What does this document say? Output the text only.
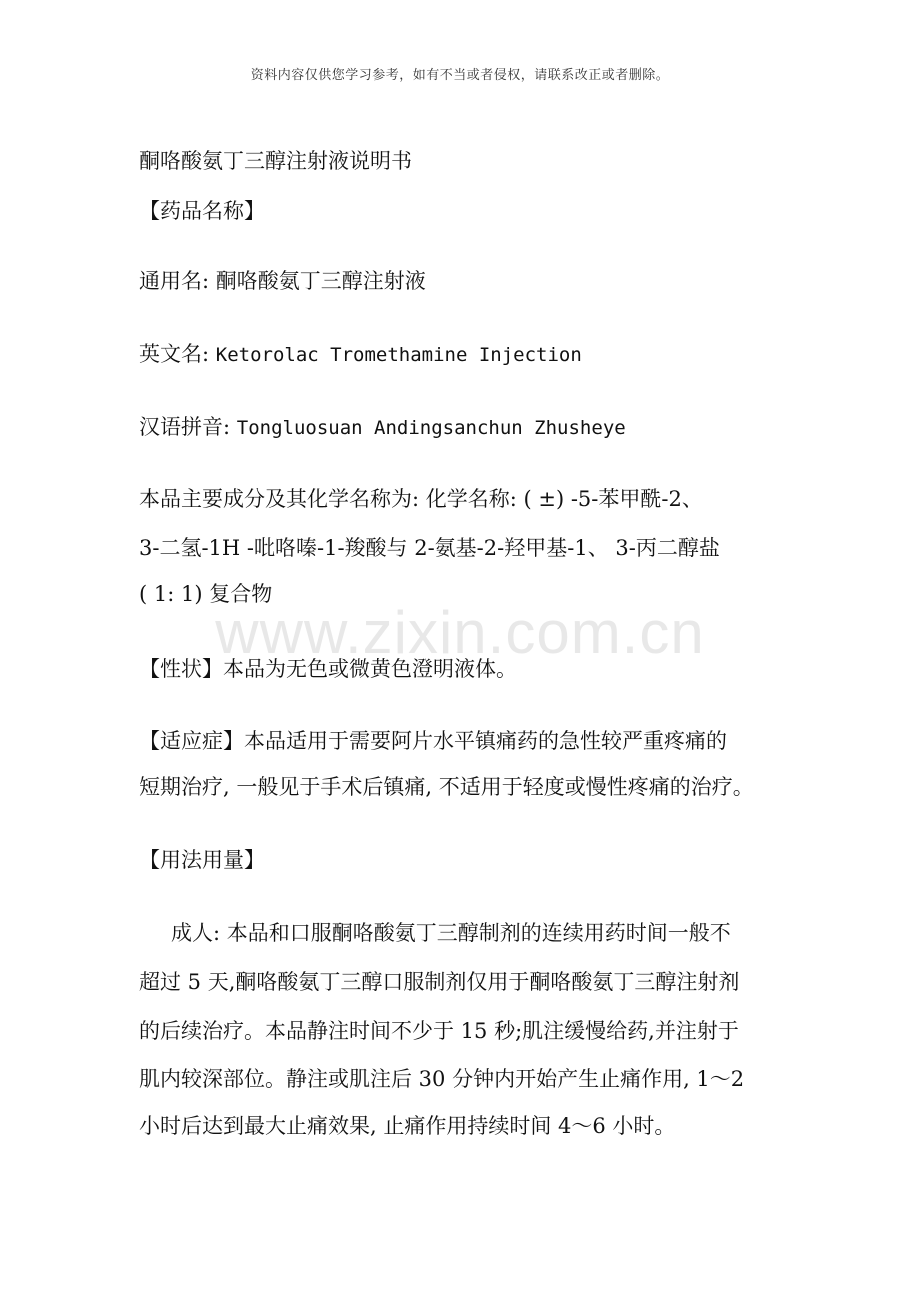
资料内容仅供您学习参考，如有不当或者侵权，请联系改正或者删除。
酮咯酸氨丁三醇注射液说明书
【药品名称】
通用名: 酮咯酸氨丁三醇注射液
英文名: Ketorolac Tromethamine Injection
汉语拼音: Tongluosuan Andingsanchun Zhusheye
本品主要成分及其化学名称为: 化学名称: ( ±) -5-苯甲酰-2、
3-二氢-1H -吡咯嗪-1-羧酸与 2-氨基-2-羟甲基-1、 3-丙二醇盐
( 1: 1) 复合物
www.zixin.com.cn
【性状】本品为无色或微黄色澄明液体。
【适应症】本品适用于需要阿片水平镇痛药的急性较严重疼痛的
短期治疗, 一般见于手术后镇痛, 不适用于轻度或慢性疼痛的治疗。
【用法用量】
成人: 本品和口服酮咯酸氨丁三醇制剂的连续用药时间一般不
超过 5 天,酮咯酸氨丁三醇口服制剂仅用于酮咯酸氨丁三醇注射剂
的后续治疗。本品静注时间不少于 15 秒;肌注缓慢给药,并注射于
肌内较深部位。静注或肌注后 30 分钟内开始产生止痛作用, 1～2
小时后达到最大止痛效果, 止痛作用持续时间 4～6 小时。
